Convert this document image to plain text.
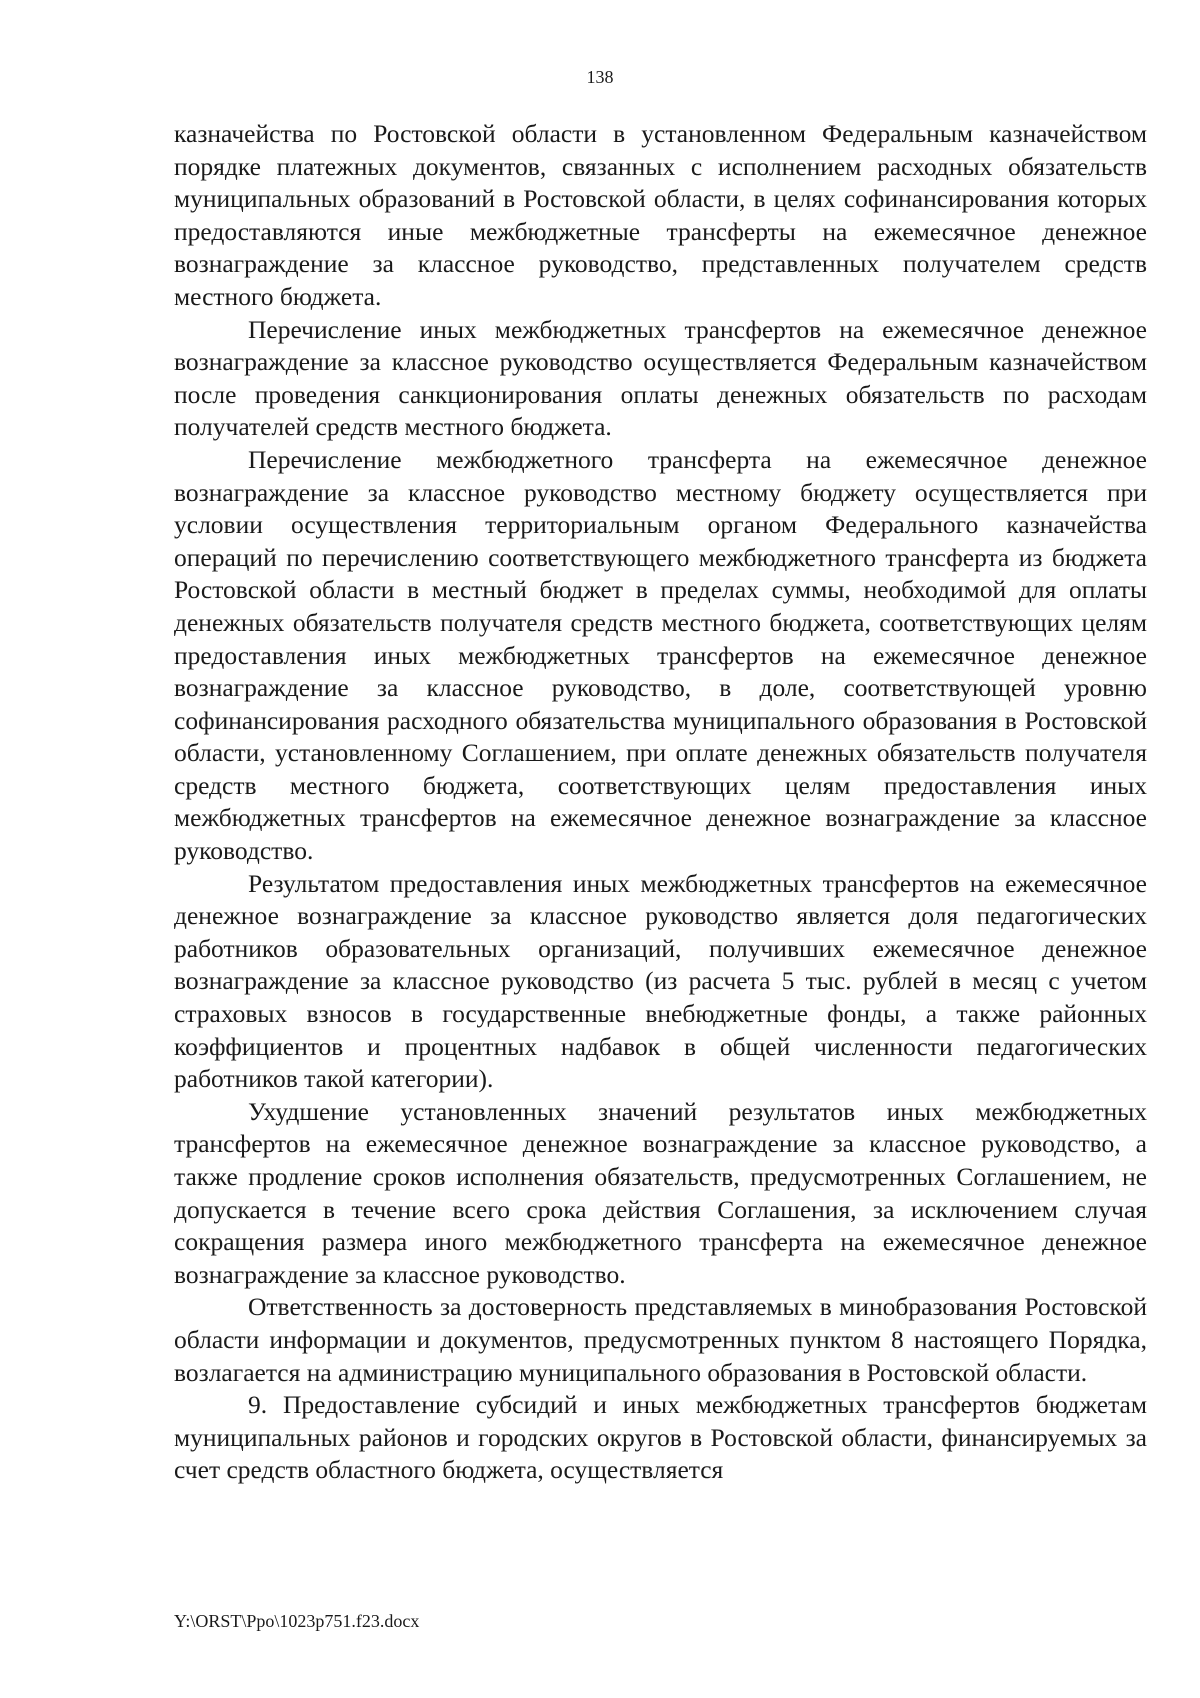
138

казначейства по Ростовской области в установленном Федеральным казначейством порядке платежных документов, связанных с исполнением расходных обязательств муниципальных образований в Ростовской области, в целях софинансирования которых предоставляются иные межбюджетные трансферты на ежемесячное денежное вознаграждение за классное руководство, представленных получателем средств местного бюджета.

Перечисление иных межбюджетных трансфертов на ежемесячное денежное вознаграждение за классное руководство осуществляется Федеральным казначейством после проведения санкционирования оплаты денежных обязательств по расходам получателей средств местного бюджета.

Перечисление межбюджетного трансферта на ежемесячное денежное вознаграждение за классное руководство местному бюджету осуществляется при условии осуществления территориальным органом Федерального казначейства операций по перечислению соответствующего межбюджетного трансферта из бюджета Ростовской области в местный бюджет в пределах суммы, необходимой для оплаты денежных обязательств получателя средств местного бюджета, соответствующих целям предоставления иных межбюджетных трансфертов на ежемесячное денежное вознаграждение за классное руководство, в доле, соответствующей уровню софинансирования расходного обязательства муниципального образования в Ростовской области, установленному Соглашением, при оплате денежных обязательств получателя средств местного бюджета, соответствующих целям предоставления иных межбюджетных трансфертов на ежемесячное денежное вознаграждение за классное руководство.

Результатом предоставления иных межбюджетных трансфертов на ежемесячное денежное вознаграждение за классное руководство является доля педагогических работников образовательных организаций, получивших ежемесячное денежное вознаграждение за классное руководство (из расчета 5 тыс. рублей в месяц с учетом страховых взносов в государственные внебюджетные фонды, а также районных коэффициентов и процентных надбавок в общей численности педагогических работников такой категории).

Ухудшение установленных значений результатов иных межбюджетных трансфертов на ежемесячное денежное вознаграждение за классное руководство, а также продление сроков исполнения обязательств, предусмотренных Соглашением, не допускается в течение всего срока действия Соглашения, за исключением случая сокращения размера иного межбюджетного трансферта на ежемесячное денежное вознаграждение за классное руководство.

Ответственность за достоверность представляемых в минобразования Ростовской области информации и документов, предусмотренных пунктом 8 настоящего Порядка, возлагается на администрацию муниципального образования в Ростовской области.

9. Предоставление субсидий и иных межбюджетных трансфертов бюджетам муниципальных районов и городских округов в Ростовской области, финансируемых за счет средств областного бюджета, осуществляется

Y:\ORST\Ppo\1023p751.f23.docx
